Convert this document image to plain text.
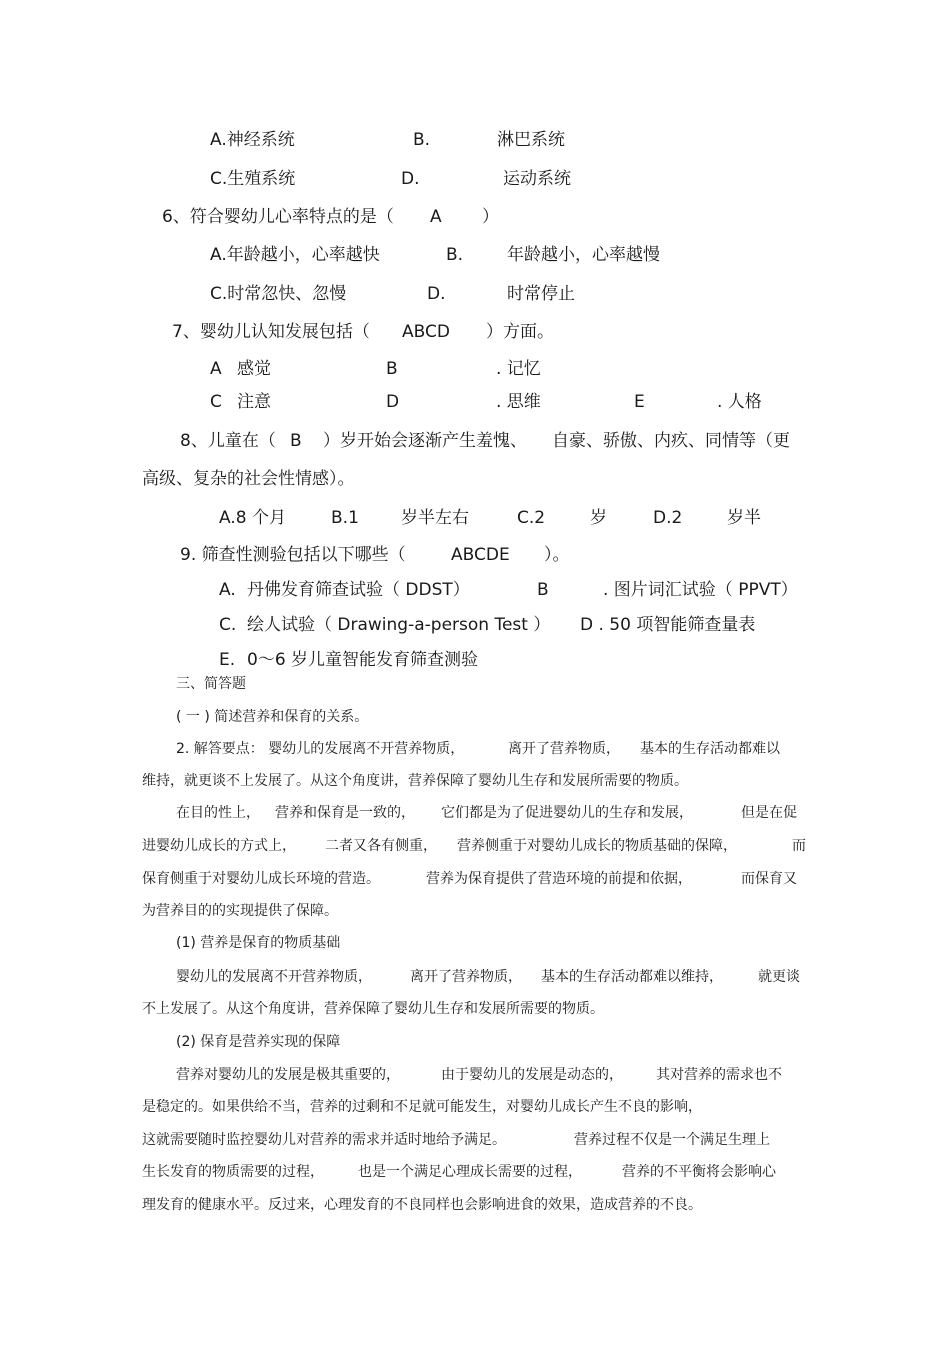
A.神经系统	B.	淋巴系统
C.生殖系统	D.	运动系统
6、符合婴幼儿心率特点的是（ A ）
A.年龄越小，心率越快	B.	年龄越小，心率越慢
C.时常忽快、忽慢	D.	时常停止
7、婴幼儿认知发展包括（ ABCD ）方面。
A 感觉	B	. 记忆
C 注意	D	. 思维	E	. 人格
8、儿童在（ B ）岁开始会逐渐产生羞愧、 自豪、骄傲、内疚、同情等（更
高级、复杂的社会性情感）。
A.8 个月	B.1 岁半左右	C.2	岁	D.2	岁半
9. 筛查性测验包括以下哪些（	ABCDE ）。
A. 丹佛发育筛查试验（ DDST）	B	. 图片词汇试验（ PPVT）
C. 绘人试验（ Drawing-a-person Test ） D . 50 项智能筛查量表
E. 0～6 岁儿童智能发育筛查测验
三、简答题
( 一 ) 简述营养和保育的关系。
2. 解答要点： 婴幼儿的发展离不开营养物质，	离开了营养物质， 基本的生存活动都难以
维持，就更谈不上发展了。从这个角度讲，营养保障了婴幼儿生存和发展所需要的物质。
在目的性上， 营养和保育是一致的， 它们都是为了促进婴幼儿的生存和发展，	但是在促
进婴幼儿成长的方式上， 二者又各有侧重， 营养侧重于对婴幼儿成长的物质基础的保障，	而
保育侧重于对婴幼儿成长环境的营造。	营养为保育提供了营造环境的前提和依据，	而保育又
为营养目的的实现提供了保障。
(1) 营养是保育的物质基础
婴幼儿的发展离不开营养物质，	离开了营养物质， 基本的生存活动都难以维持，	就更谈
不上发展了。从这个角度讲，营养保障了婴幼儿生存和发展所需要的物质。
(2) 保育是营养实现的保障
营养对婴幼儿的发展是极其重要的，	由于婴幼儿的发展是动态的， 其对营养的需求也不
是稳定的。如果供给不当，营养的过剩和不足就可能发生，对婴幼儿成长产生不良的影响，
这就需要随时监控婴幼儿对营养的需求并适时地给予满足。	营养过程不仅是一个满足生理上
生长发育的物质需要的过程， 也是一个满足心理成长需要的过程，	营养的不平衡将会影响心
理发育的健康水平。反过来，心理发育的不良同样也会影响进食的效果，造成营养的不良。
